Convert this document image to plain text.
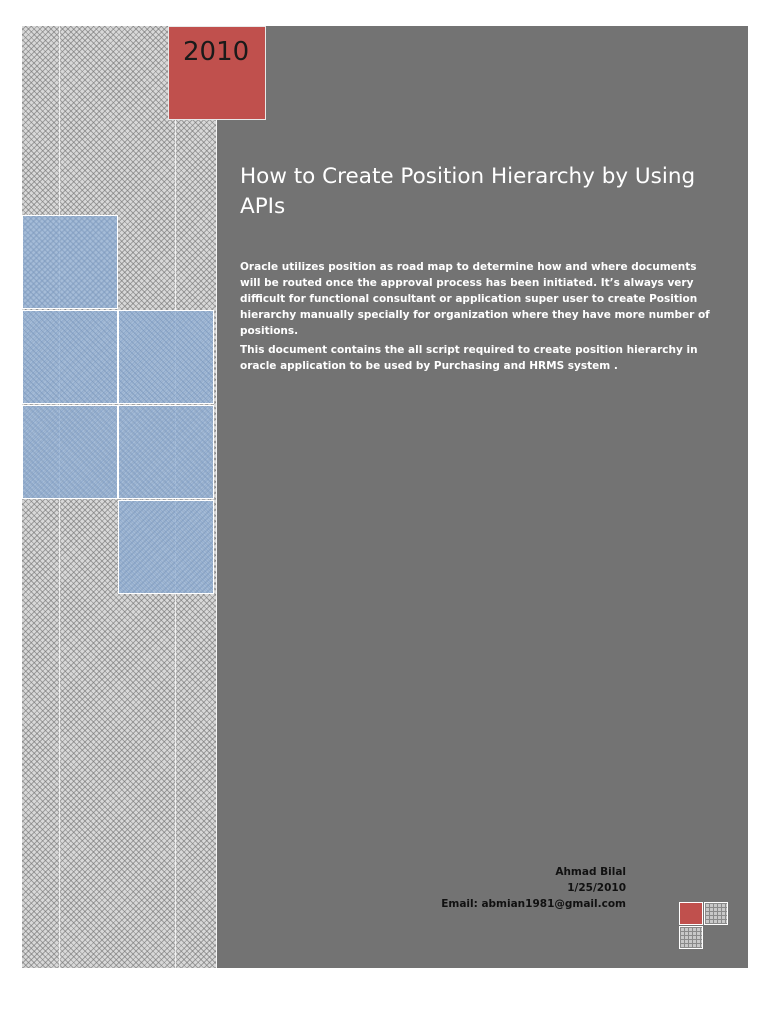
2010
How to Create Position Hierarchy by Using APIs

Oracle utilizes position as road map to determine how and where documents will be routed once the approval process has been initiated. It’s always very difficult for functional consultant or application super user to create Position hierarchy manually specially for organization where they have more number of positions.

This document contains the all script required to create position hierarchy in oracle application to be used by Purchasing and HRMS system .

Ahmad Bilal
1/25/2010
Email: abmian1981@gmail.com
